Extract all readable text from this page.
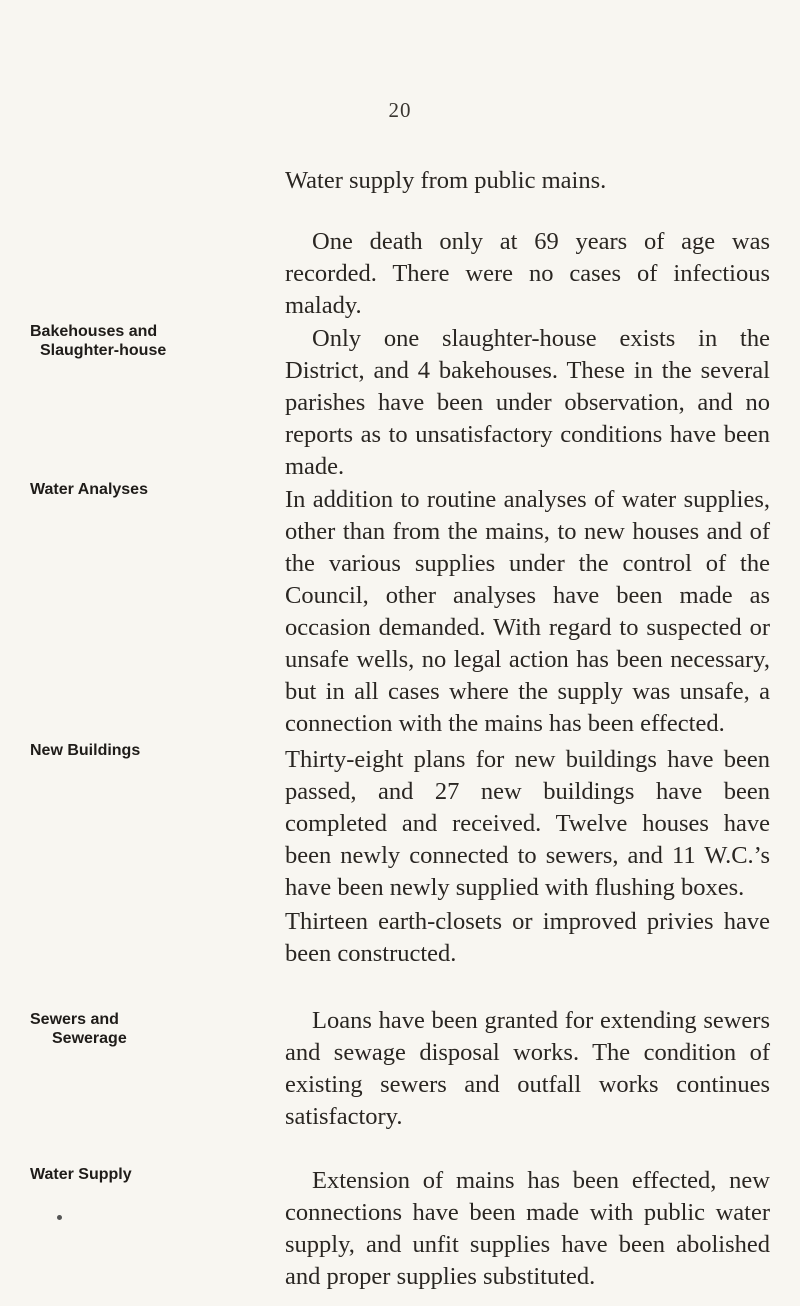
20
Bakehouses and
Slaughter-house
Water Analyses
New Buildings
Sewers and
Sewerage
Water Supply

Water supply from public mains.

One death only at 69 years of age was recorded. There were no cases of infectious malady.

Only one slaughter-house exists in the District, and 4 bakehouses. These in the several parishes have been under observation, and no reports as to unsatisfactory conditions have been made.

In addition to routine analyses of water supplies, other than from the mains, to new houses and of the various supplies under the control of the Council, other analyses have been made as occasion demanded. With regard to suspected or unsafe wells, no legal action has been necessary, but in all cases where the supply was unsafe, a connection with the mains has been effected.

Thirty-eight plans for new buildings have been passed, and 27 new buildings have been completed and received. Twelve houses have been newly connected to sewers, and 11 W.C.’s have been newly supplied with flushing boxes.

Thirteen earth-closets or improved privies have been constructed.

Loans have been granted for extending sewers and sewage disposal works. The condition of existing sewers and outfall works continues satisfactory.

Extension of mains has been effected, new connections have been made with public water supply, and unfit supplies have been abolished and proper supplies substituted.
